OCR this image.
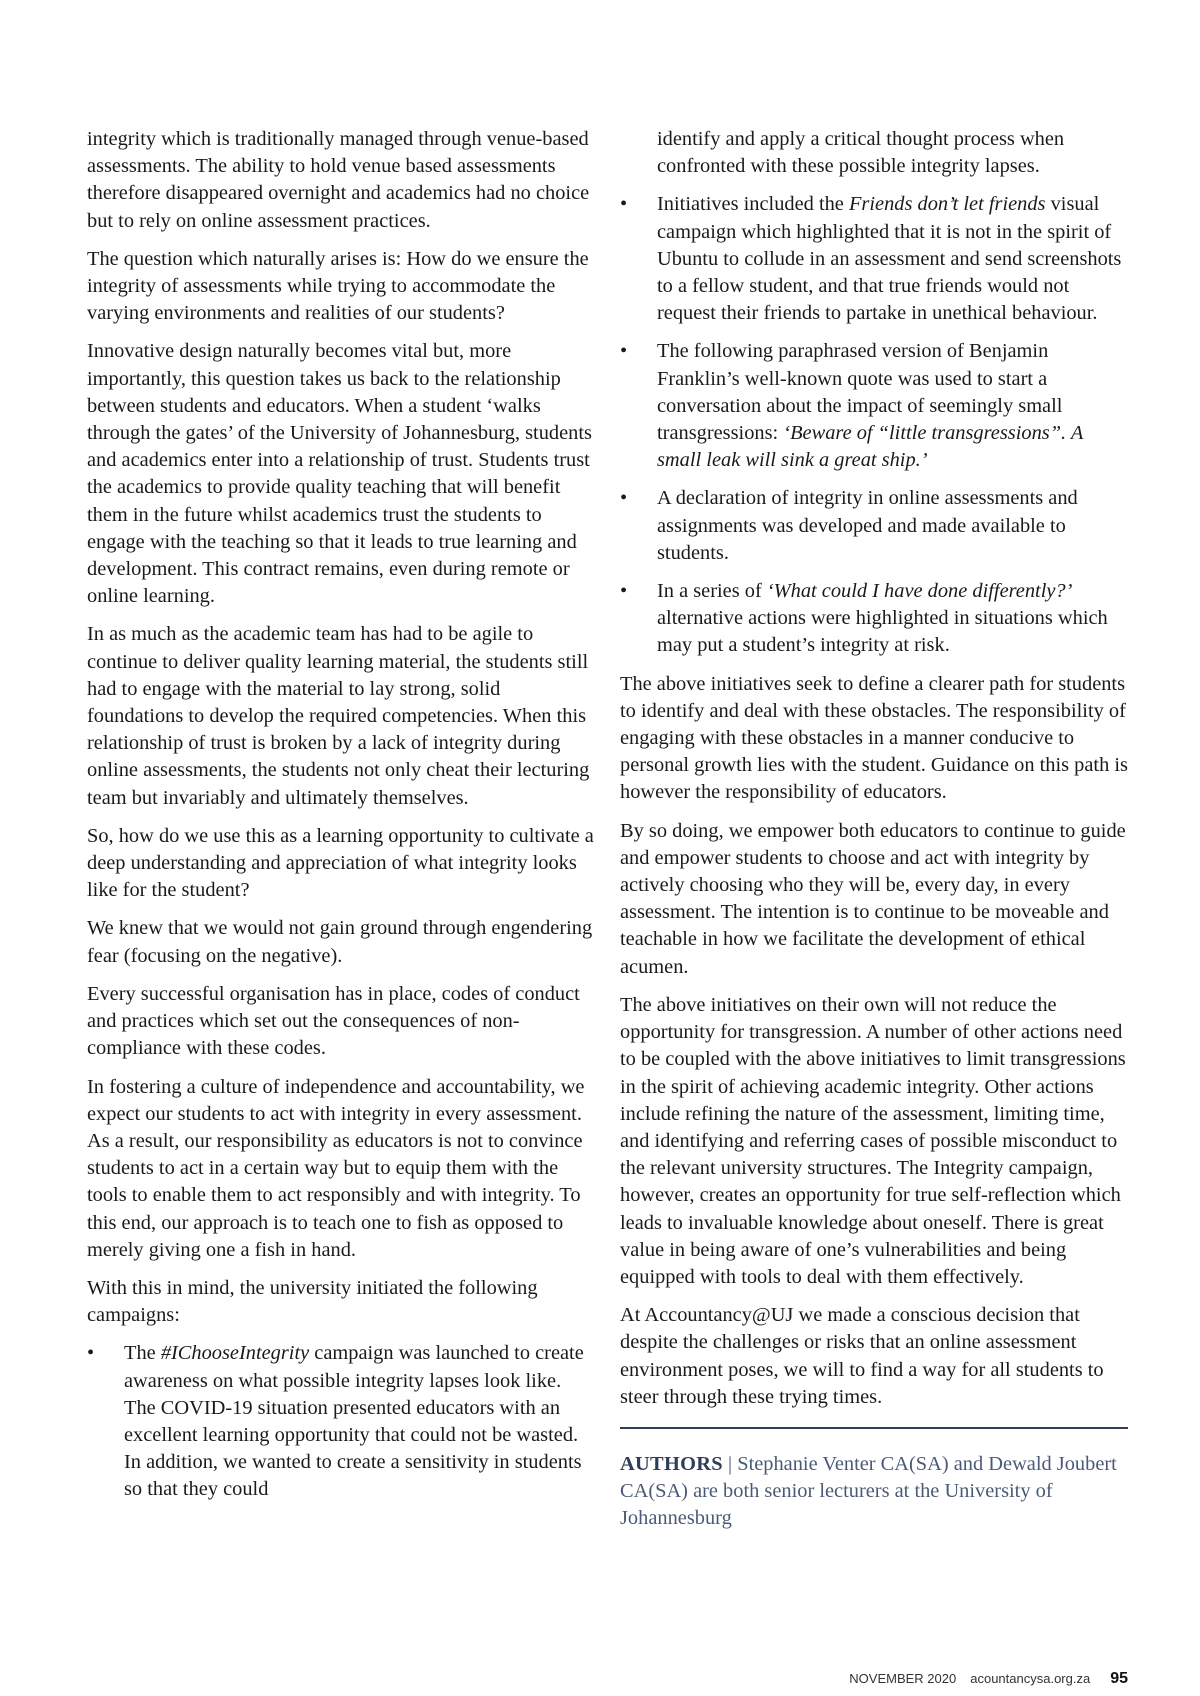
integrity which is traditionally managed through venue-based assessments. The ability to hold venue based assessments therefore disappeared overnight and academics had no choice but to rely on online assessment practices.

The question which naturally arises is: How do we ensure the integrity of assessments while trying to accommodate the varying environments and realities of our students?

Innovative design naturally becomes vital but, more importantly, this question takes us back to the relationship between students and educators. When a student ‘walks through the gates’ of the University of Johannesburg, students and academics enter into a relationship of trust. Students trust the academics to provide quality teaching that will benefit them in the future whilst academics trust the students to engage with the teaching so that it leads to true learning and development. This contract remains, even during remote or online learning.

In as much as the academic team has had to be agile to continue to deliver quality learning material, the students still had to engage with the material to lay strong, solid foundations to develop the required competencies. When this relationship of trust is broken by a lack of integrity during online assessments, the students not only cheat their lecturing team but invariably and ultimately themselves.

So, how do we use this as a learning opportunity to cultivate a deep understanding and appreciation of what integrity looks like for the student?

We knew that we would not gain ground through engendering fear (focusing on the negative).

Every successful organisation has in place, codes of conduct and practices which set out the consequences of non-compliance with these codes.

In fostering a culture of independence and accountability, we expect our students to act with integrity in every assessment. As a result, our responsibility as educators is not to convince students to act in a certain way but to equip them with the tools to enable them to act responsibly and with integrity. To this end, our approach is to teach one to fish as opposed to merely giving one a fish in hand.

With this in mind, the university initiated the following campaigns:

• The #IChooseIntegrity campaign was launched to create awareness on what possible integrity lapses look like. The COVID-19 situation presented educators with an excellent learning opportunity that could not be wasted. In addition, we wanted to create a sensitivity in students so that they could
identify and apply a critical thought process when confronted with these possible integrity lapses.
• Initiatives included the Friends don’t let friends visual campaign which highlighted that it is not in the spirit of Ubuntu to collude in an assessment and send screenshots to a fellow student, and that true friends would not request their friends to partake in unethical behaviour.
• The following paraphrased version of Benjamin Franklin’s well-known quote was used to start a conversation about the impact of seemingly small transgressions: ‘Beware of “little transgressions”. A small leak will sink a great ship.’
• A declaration of integrity in online assessments and assignments was developed and made available to students.
• In a series of ‘What could I have done differently?’ alternative actions were highlighted in situations which may put a student’s integrity at risk.

The above initiatives seek to define a clearer path for students to identify and deal with these obstacles. The responsibility of engaging with these obstacles in a manner conducive to personal growth lies with the student. Guidance on this path is however the responsibility of educators.

By so doing, we empower both educators to continue to guide and empower students to choose and act with integrity by actively choosing who they will be, every day, in every assessment. The intention is to continue to be moveable and teachable in how we facilitate the development of ethical acumen.

The above initiatives on their own will not reduce the opportunity for transgression. A number of other actions need to be coupled with the above initiatives to limit transgressions in the spirit of achieving academic integrity. Other actions include refining the nature of the assessment, limiting time, and identifying and referring cases of possible misconduct to the relevant university structures. The Integrity campaign, however, creates an opportunity for true self-reflection which leads to invaluable knowledge about oneself. There is great value in being aware of one’s vulnerabilities and being equipped with tools to deal with them effectively.

At Accountancy@UJ we made a conscious decision that despite the challenges or risks that an online assessment environment poses, we will to find a way for all students to steer through these trying times.

AUTHORS | Stephanie Venter CA(SA) and Dewald Joubert CA(SA) are both senior lecturers at the University of Johannesburg

NOVEMBER 2020 acountancysa.org.za 95
